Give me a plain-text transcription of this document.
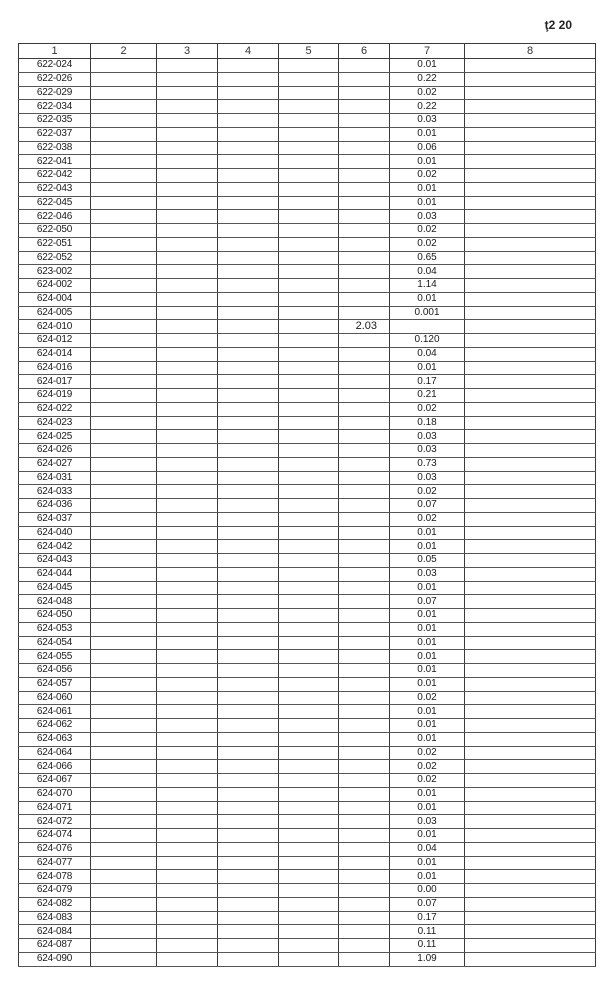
ţ2 20
1	2	3	4	5	6	7	8
622-024						0.01	
622-026						0.22	
622-029						0.02	
622-034						0.22	
622-035						0.03	
622-037						0.01	
622-038						0.06	
622-041						0.01	
622-042						0.02	
622-043						0.01	
622-045						0.01	
622-046						0.03	
622-050						0.02	
622-051						0.02	
622-052						0.65	
623-002						0.04	
624-002						1.14	
624-004						0.01	
624-005						0.001	
624-010					2.03		
624-012						0.120	
624-014						0.04	
624-016						0.01	
624-017						0.17	
624-019						0.21	
624-022						0.02	
624-023						0.18	
624-025						0.03	
624-026						0.03	
624-027						0.73	
624-031						0.03	
624-033						0.02	
624-036						0.07	
624-037						0.02	
624-040						0.01	
624-042						0.01	
624-043						0.05	
624-044						0.03	
624-045						0.01	
624-048						0.07	
624-050						0.01	
624-053						0.01	
624-054						0.01	
624-055						0.01	
624-056						0.01	
624-057						0.01	
624-060						0.02	
624-061						0.01	
624-062						0.01	
624-063						0.01	
624-064						0.02	
624-066						0.02	
624-067						0.02	
624-070						0.01	
624-071						0.01	
624-072						0.03	
624-074						0.01	
624-076						0.04	
624-077						0.01	
624-078						0.01	
624-079						0.00	
624-082						0.07	
624-083						0.17	
624-084						0.11	
624-087						0.11	
624-090						1.09	
